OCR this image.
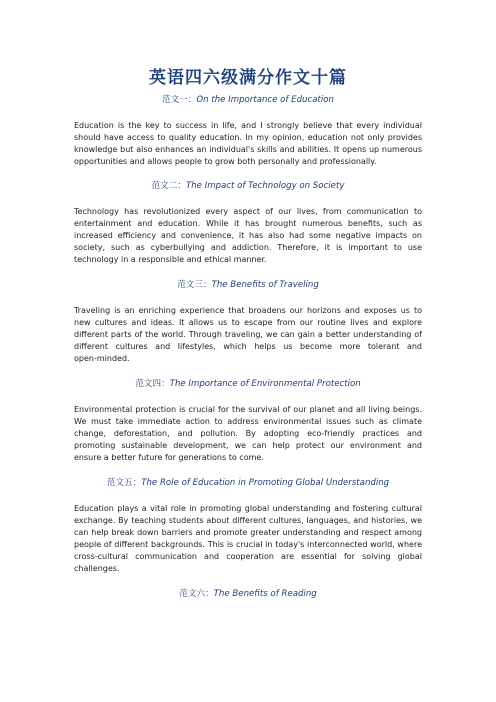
英语四六级满分作文十篇
范文一：On the Importance of Education
Education is the key to success in life, and I strongly believe that every individual
should have access to quality education. In my opinion, education not only provides
knowledge but also enhances an individual's skills and abilities. It opens up numerous
opportunities and allows people to grow both personally and professionally.
范文二：The Impact of Technology on Society
Technology has revolutionized every aspect of our lives, from communication to
entertainment and education. While it has brought numerous benefits, such as
increased efficiency and convenience, it has also had some negative impacts on
society, such as cyberbullying and addiction. Therefore, it is important to use
technology in a responsible and ethical manner.
范文三：The Benefits of Traveling
Traveling is an enriching experience that broadens our horizons and exposes us to
new cultures and ideas. It allows us to escape from our routine lives and explore
different parts of the world. Through traveling, we can gain a better understanding of
different cultures and lifestyles, which helps us become more tolerant and
open-minded.
范文四：The Importance of Environmental Protection
Environmental protection is crucial for the survival of our planet and all living beings.
We must take immediate action to address environmental issues such as climate
change, deforestation, and pollution. By adopting eco-friendly practices and
promoting sustainable development, we can help protect our environment and
ensure a better future for generations to come.
范文五：The Role of Education in Promoting Global Understanding
Education plays a vital role in promoting global understanding and fostering cultural
exchange. By teaching students about different cultures, languages, and histories, we
can help break down barriers and promote greater understanding and respect among
people of different backgrounds. This is crucial in today's interconnected world, where
cross-cultural communication and cooperation are essential for solving global
challenges.
范文六：The Benefits of Reading
